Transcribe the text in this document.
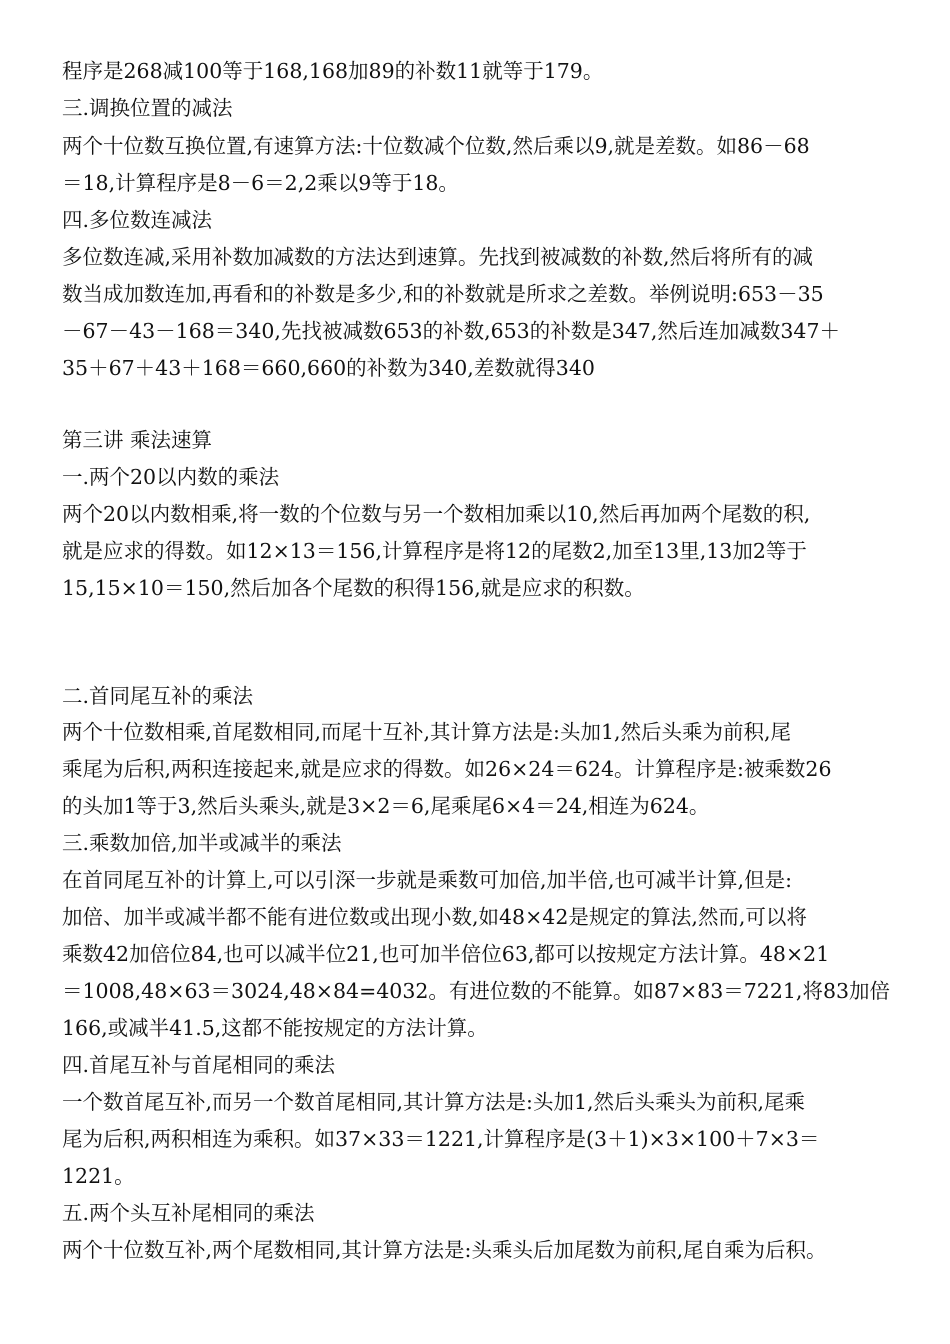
程序是268减100等于168,168加89的补数11就等于179。
三.调换位置的减法
两个十位数互换位置,有速算方法:十位数减个位数,然后乘以9,就是差数。如86－68
＝18,计算程序是8－6＝2,2乘以9等于18。
四.多位数连减法
多位数连减,采用补数加减数的方法达到速算。先找到被减数的补数,然后将所有的减
数当成加数连加,再看和的补数是多少,和的补数就是所求之差数。举例说明:653－35
－67－43－168＝340,先找被减数653的补数,653的补数是347,然后连加减数347＋
35＋67＋43＋168＝660,660的补数为340,差数就得340
第三讲 乘法速算
一.两个20以内数的乘法
两个20以内数相乘,将一数的个位数与另一个数相加乘以10,然后再加两个尾数的积,
就是应求的得数。如12×13＝156,计算程序是将12的尾数2,加至13里,13加2等于
15,15×10＝150,然后加各个尾数的积得156,就是应求的积数。
二.首同尾互补的乘法
两个十位数相乘,首尾数相同,而尾十互补,其计算方法是:头加1,然后头乘为前积,尾
乘尾为后积,两积连接起来,就是应求的得数。如26×24＝624。计算程序是:被乘数26
的头加1等于3,然后头乘头,就是3×2＝6,尾乘尾6×4＝24,相连为624。
三.乘数加倍,加半或减半的乘法
在首同尾互补的计算上,可以引深一步就是乘数可加倍,加半倍,也可减半计算,但是:
加倍、加半或减半都不能有进位数或出现小数,如48×42是规定的算法,然而,可以将
乘数42加倍位84,也可以减半位21,也可加半倍位63,都可以按规定方法计算。48×21
＝1008,48×63＝3024,48×84=4032。有进位数的不能算。如87×83＝7221,将83加倍
166,或减半41.5,这都不能按规定的方法计算。
四.首尾互补与首尾相同的乘法
一个数首尾互补,而另一个数首尾相同,其计算方法是:头加1,然后头乘头为前积,尾乘
尾为后积,两积相连为乘积。如37×33＝1221,计算程序是(3＋1)×3×100＋7×3＝
1221。
五.两个头互补尾相同的乘法
两个十位数互补,两个尾数相同,其计算方法是:头乘头后加尾数为前积,尾自乘为后积。
